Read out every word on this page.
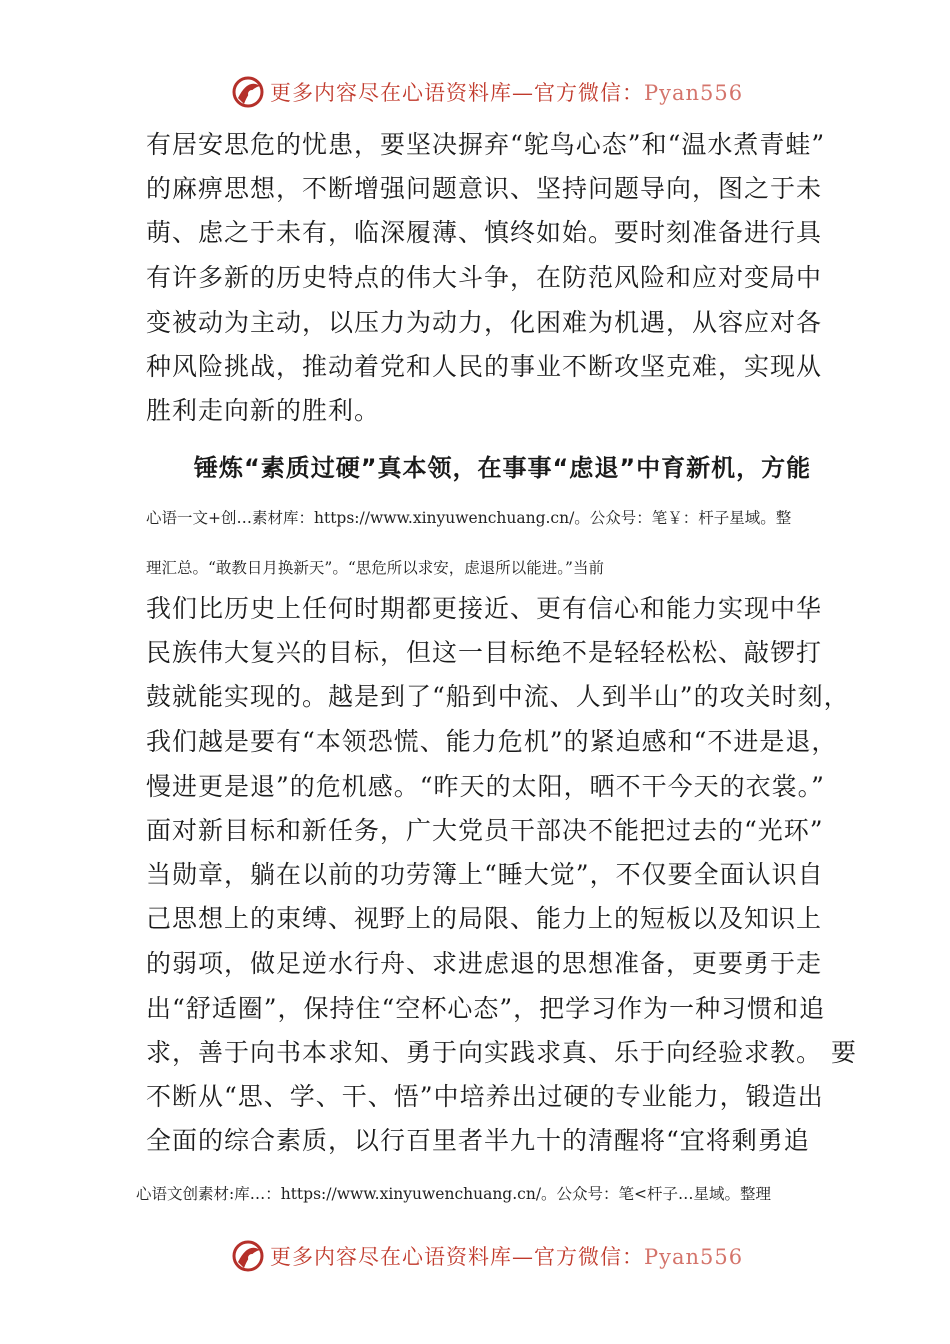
更多内容尽在心语资料库—官方微信：Pyan556
有居安思危的忧患，要坚决摒弃“鸵鸟心态”和“温水煮青蛙”
的麻痹思想，不断增强问题意识、坚持问题导向，图之于未
萌、虑之于未有，临深履薄、慎终如始。要时刻准备进行具
有许多新的历史特点的伟大斗争，在防范风险和应对变局中
变被动为主动，以压力为动力，化困难为机遇，从容应对各
种风险挑战，推动着党和人民的事业不断攻坚克难，实现从
胜利走向新的胜利。
锤炼“素质过硬”真本领，在事事“虑退”中育新机，方能
心语一文+创…素材库：https://www.xinyuwenchuang.cn/。公众号：笔￥：杆子星域。整
理汇总。“敢教日月换新天”。“思危所以求安，虑退所以能进。”当前
我们比历史上任何时期都更接近、更有信心和能力实现中华
民族伟大复兴的目标，但这一目标绝不是轻轻松松、敲锣打
鼓就能实现的。越是到了“船到中流、人到半山”的攻关时刻，
我们越是要有“本领恐慌、能力危机”的紧迫感和“不进是退，
慢进更是退”的危机感。“昨天的太阳，晒不干今天的衣裳。”
面对新目标和新任务，广大党员干部决不能把过去的“光环”
当勋章，躺在以前的功劳簿上“睡大觉”，不仅要全面认识自
己思想上的束缚、视野上的局限、能力上的短板以及知识上
的弱项，做足逆水行舟、求进虑退的思想准备，更要勇于走
出“舒适圈”，保持住“空杯心态”，把学习作为一种习惯和追
求，善于向书本求知、勇于向实践求真、乐于向经验求教。 要
不断从“思、学、干、悟”中培养出过硬的专业能力，锻造出
全面的综合素质，以行百里者半九十的清醒将“宜将剩勇追
心语文创素材:库…：https://www.xinyuwenchuang.cn/。公众号：笔<杆子…星域。整理
更多内容尽在心语资料库—官方微信：Pyan556
